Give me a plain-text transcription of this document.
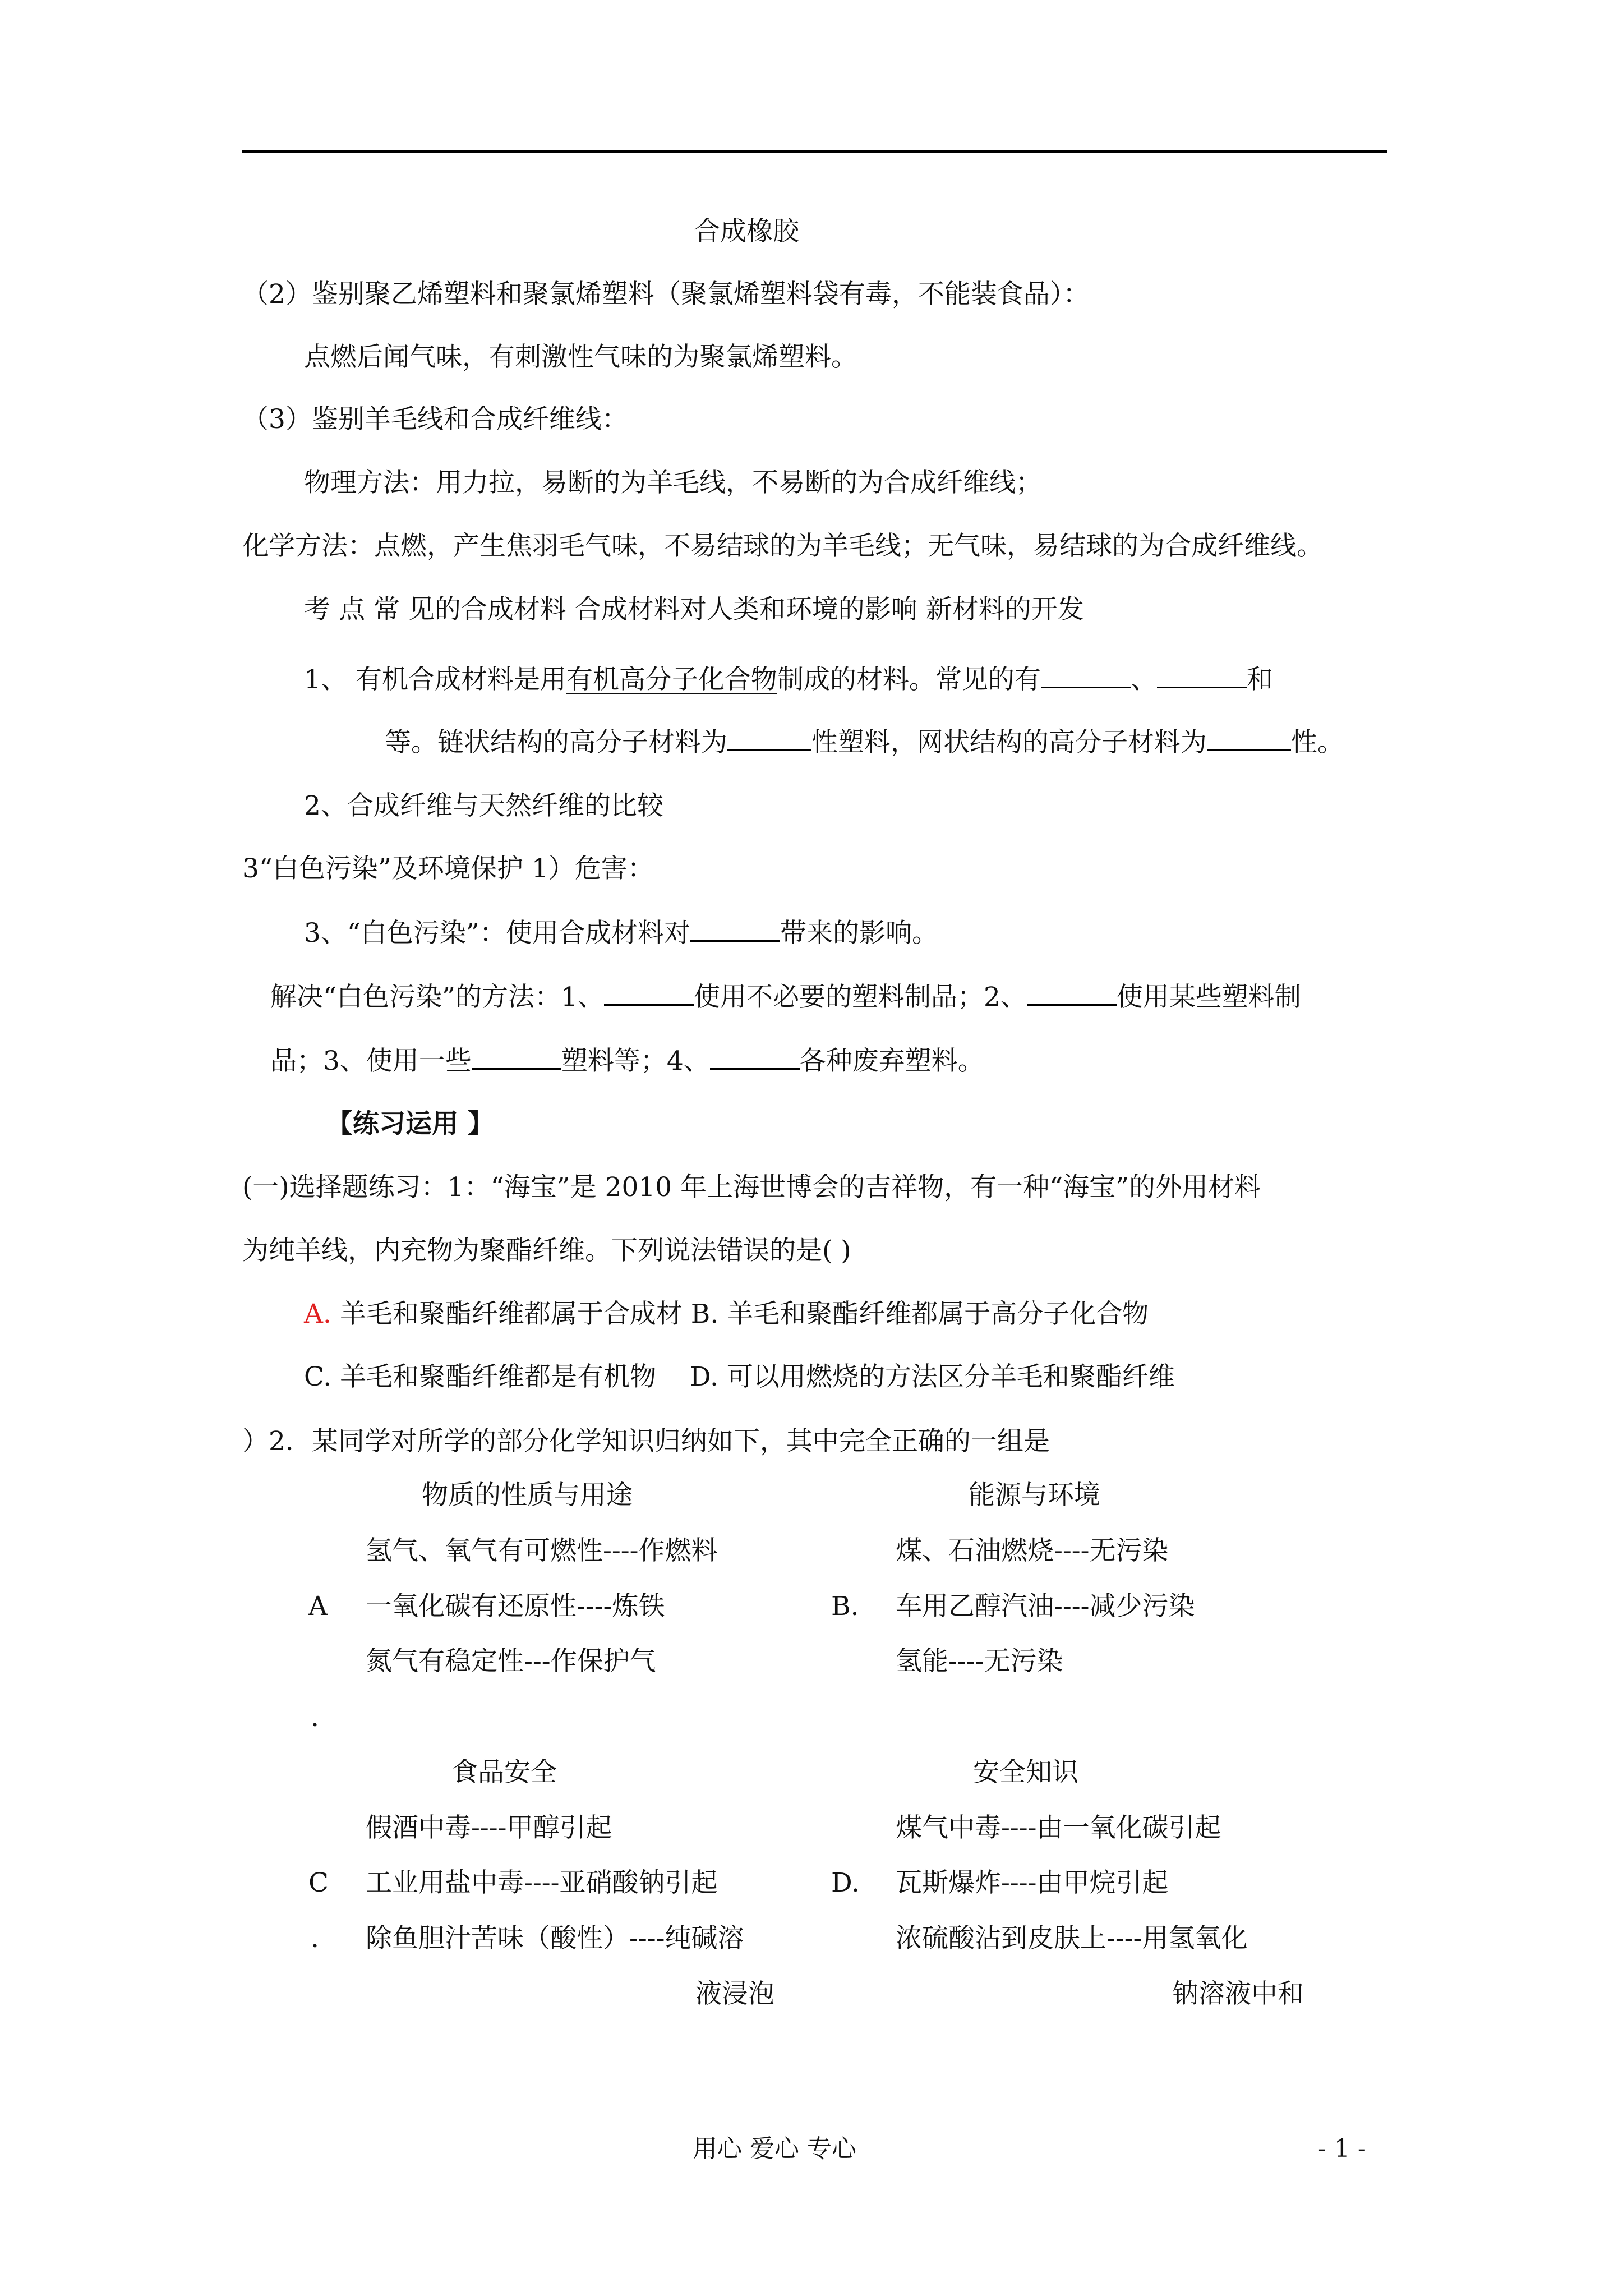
合成橡胶
（2）鉴别聚乙烯塑料和聚氯烯塑料（聚氯烯塑料袋有毒，不能装食品）：
点燃后闻气味，有刺激性气味的为聚氯烯塑料。
（3）鉴别羊毛线和合成纤维线：
物理方法：用力拉，易断的为羊毛线，不易断的为合成纤维线；
化学方法：点燃，产生焦羽毛气味，不易结球的为羊毛线；无气味，易结球的为合成纤维线。
考 点 常 见的合成材料 合成材料对人类和环境的影响 新材料的开发
1、 有机合成材料是用有机高分子化合物制成的材料。常见的有	、	和
等。链状结构的高分子材料为	性塑料，网状结构的高分子材料为	性。
2、合成纤维与天然纤维的比较
3“白色污染”及环境保护 1）危害：
3、“白色污染”：使用合成材料对	带来的影响。
解决“白色污染”的方法：1、	使用不必要的塑料制品；2、	使用某些塑料制
品；3、使用一些	塑料等；4、	各种废弃塑料。
【练习运用 】
(一)选择题练习：1：“海宝”是 2010 年上海世博会的吉祥物，有一种“海宝”的外用材料
为纯羊线，内充物为聚酯纤维。下列说法错误的是( )
A. 羊毛和聚酯纤维都属于合成材 B. 羊毛和聚酯纤维都属于高分子化合物
C. 羊毛和聚酯纤维都是有机物 D. 可以用燃烧的方法区分羊毛和聚酯纤维
）2．某同学对所学的部分化学知识归纳如下，其中完全正确的一组是
物质的性质与用途	能源与环境
氢气、氧气有可燃性----作燃料	煤、石油燃烧----无污染
A 一氧化碳有还原性----炼铁	B. 车用乙醇汽油----减少污染
氮气有稳定性---作保护气	氢能----无污染
.
食品安全	安全知识
假酒中毒----甲醇引起	煤气中毒----由一氧化碳引起
C 工业用盐中毒----亚硝酸钠引起	D. 瓦斯爆炸----由甲烷引起
. 除鱼胆汁苦味（酸性）----纯碱溶	浓硫酸沾到皮肤上----用氢氧化
液浸泡	钠溶液中和
用心 爱心 专心	- 1 -
